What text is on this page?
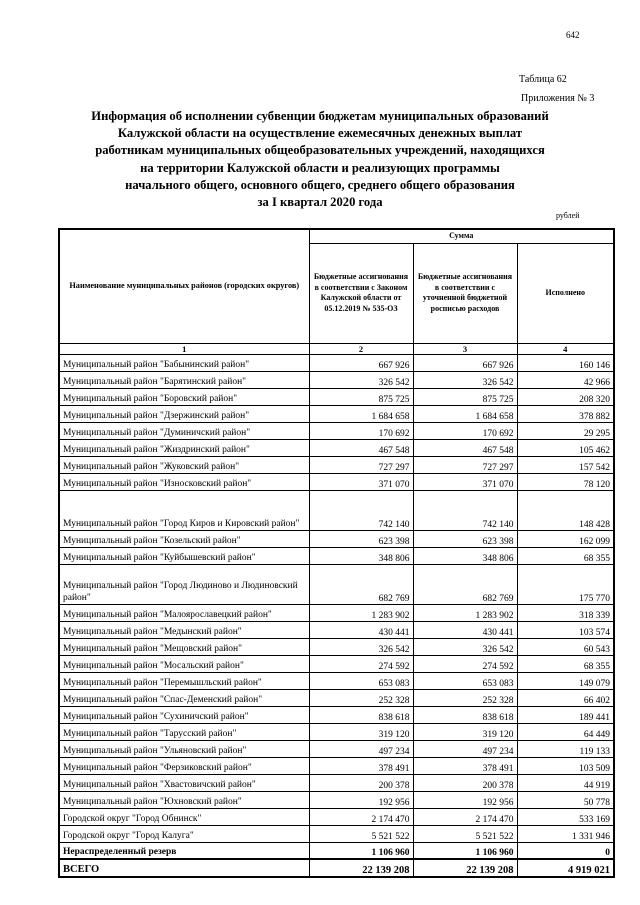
642
Таблица 62
Приложения № 3
Информация об исполнении субвенции бюджетам муниципальных образований
Калужской области на осуществление ежемесячных денежных выплат
работникам муниципальных общеобразовательных учреждений, находящихся
на территории Калужской области и реализующих программы
начального общего, основного общего, среднего общего образования
за I квартал 2020 года
рублей
Наименование муниципальных районов (городских округов)	Сумма		
	Бюджетные ассигнования в соответствии с Законом Калужской области от 05.12.2019 № 535-ОЗ	Бюджетные ассигнования в соответствии с уточненной бюджетной росписью расходов	Исполнено
1	2	3	4
Муниципальный район "Бабынинский район"	667 926	667 926	160 146
Муниципальный район "Барятинский район"	326 542	326 542	42 966
Муниципальный район "Боровский район"	875 725	875 725	208 320
Муниципальный район "Дзержинский район"	1 684 658	1 684 658	378 882
Муниципальный район "Думиничский район"	170 692	170 692	29 295
Муниципальный район "Жиздринский район"	467 548	467 548	105 462
Муниципальный район "Жуковский район"	727 297	727 297	157 542
Муниципальный район "Износковский район"	371 070	371 070	78 120
Муниципальный район "Город Киров и Кировский район"	742 140	742 140	148 428
Муниципальный район "Козельский район"	623 398	623 398	162 099
Муниципальный район "Куйбышевский район"	348 806	348 806	68 355
Муниципальный район "Город Людиново и Людиновский район"	682 769	682 769	175 770
Муниципальный район "Малоярославецкий район"	1 283 902	1 283 902	318 339
Муниципальный район "Медынский район"	430 441	430 441	103 574
Муниципальный район "Мещовский район"	326 542	326 542	60 543
Муниципальный район "Мосальский район"	274 592	274 592	68 355
Муниципальный район "Перемышльский район"	653 083	653 083	149 079
Муниципальный район "Спас-Деменский район"	252 328	252 328	66 402
Муниципальный район "Сухиничский район"	838 618	838 618	189 441
Муниципальный район "Тарусский район"	319 120	319 120	64 449
Муниципальный район "Ульяновский район"	497 234	497 234	119 133
Муниципальный район "Ферзиковский район"	378 491	378 491	103 509
Муниципальный район "Хвастовичский район"	200 378	200 378	44 919
Муниципальный район "Юхновский район"	192 956	192 956	50 778
Городской округ "Город Обнинск"	2 174 470	2 174 470	533 169
Городской округ "Город Калуга"	5 521 522	5 521 522	1 331 946
Нераспределенный резерв	1 106 960	1 106 960	0
ВСЕГО	22 139 208	22 139 208	4 919 021
